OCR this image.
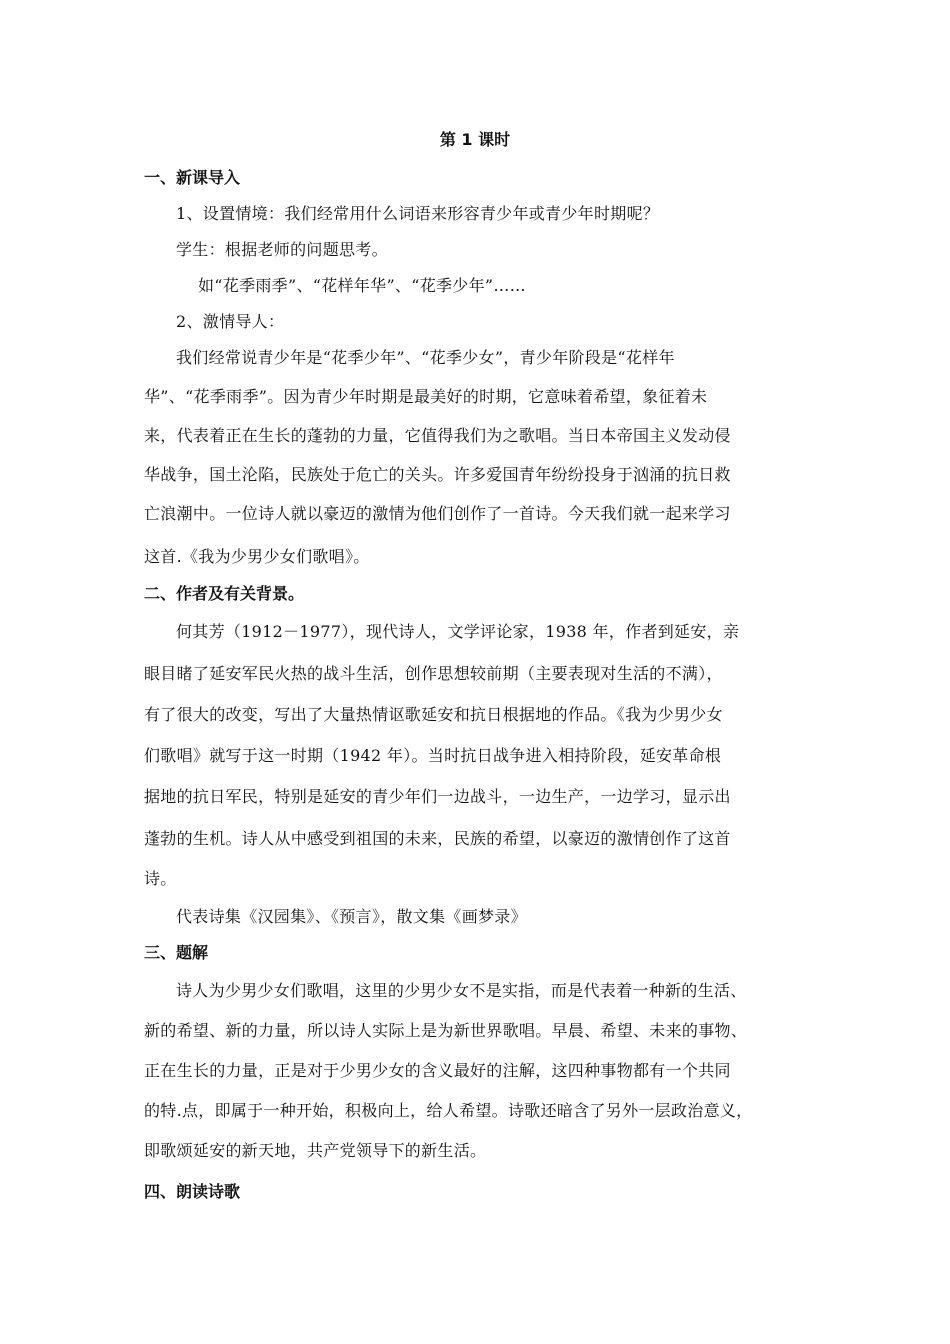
第 1 课时
一、新课导入
1、设置情境：我们经常用什么词语来形容青少年或青少年时期呢？
学生：根据老师的问题思考。
如“花季雨季”、“花样年华”、“花季少年”……
2、激情导人：
我们经常说青少年是“花季少年”、“花季少女”，青少年阶段是“花样年
华”、“花季雨季”。因为青少年时期是最美好的时期，它意味着希望，象征着未
来，代表着正在生长的蓬勃的力量，它值得我们为之歌唱。当日本帝国主义发动侵
华战争，国土沦陷，民族处于危亡的关头。许多爱国青年纷纷投身于汹涌的抗日救
亡浪潮中。一位诗人就以豪迈的激情为他们创作了一首诗。今天我们就一起来学习
这首.《我为少男少女们歌唱》。
二、作者及有关背景。
何其芳（1912－1977），现代诗人，文学评论家，1938 年，作者到延安，亲
眼目睹了延安军民火热的战斗生活，创作思想较前期（主要表现对生活的不满），
有了很大的改变，写出了大量热情讴歌延安和抗日根据地的作品。《我为少男少女
们歌唱》就写于这一时期（1942 年）。当时抗日战争进入相持阶段，延安革命根
据地的抗日军民，特别是延安的青少年们一边战斗，一边生产，一边学习，显示出
蓬勃的生机。诗人从中感受到祖国的未来，民族的希望，以豪迈的激情创作了这首
诗。
代表诗集《汉园集》、《预言》，散文集《画梦录》
三、题解
诗人为少男少女们歌唱，这里的少男少女不是实指，而是代表着一种新的生活、
新的希望、新的力量，所以诗人实际上是为新世界歌唱。早晨、希望、未来的事物、
正在生长的力量，正是对于少男少女的含义最好的注解，这四种事物都有一个共同
的特.点，即属于一种开始，积极向上，给人希望。诗歌还暗含了另外一层政治意义，
即歌颂延安的新天地，共产党领导下的新生活。
四、朗读诗歌
